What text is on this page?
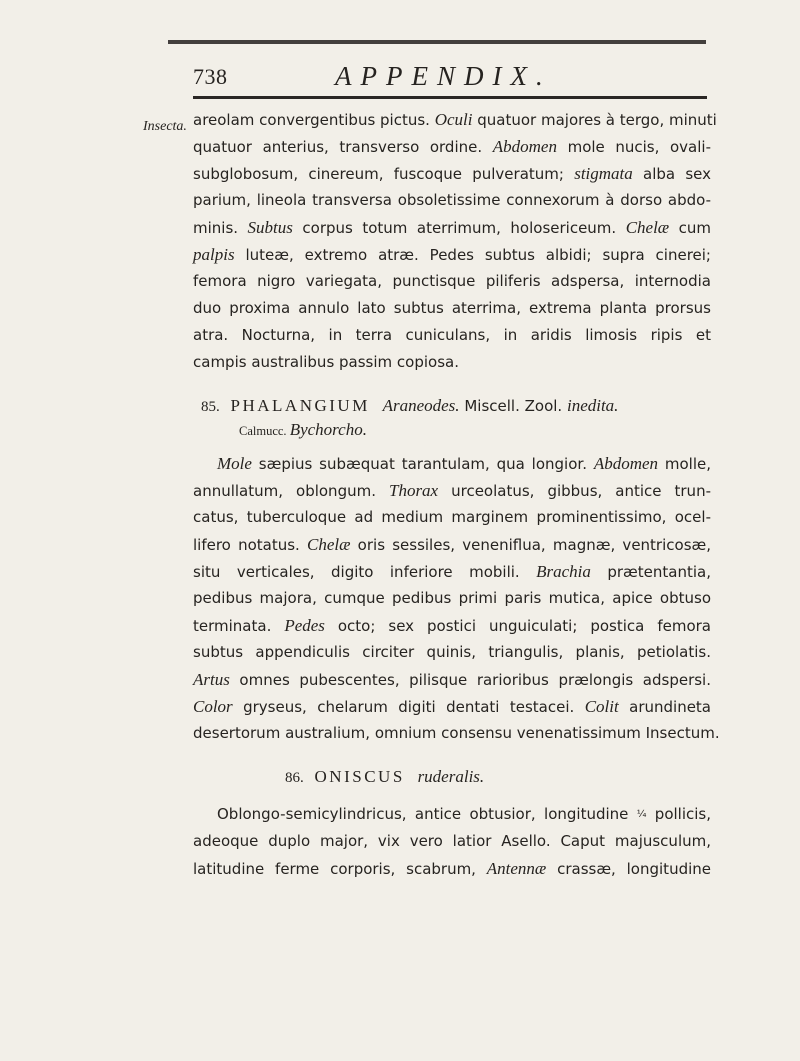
738	APPENDIX.
Insecta. areolam convergentibus pictus. Oculi quatuor majores à tergo, minuti
quatuor anterius, transverso ordine. Abdomen mole nucis, ovali-
subglobosum, cinereum, fuscoque pulveratum; stigmata alba sex
parium, lineola transversa obsoletissime connexorum à dorso abdo-
minis. Subtus corpus totum aterrimum, holosericeum. Chelæ cum
palpis luteæ, extremo atræ. Pedes subtus albidi; supra cinerei;
femora nigro variegata, punctisque piliferis adspersa, internodia
duo proxima annulo lato subtus aterrima, extrema planta prorsus
atra. Nocturna, in terra cuniculans, in aridis limosis ripis et
campis australibus passim copiosa.
85. PHALANGIUM Araneodes. Miscell. Zool. inedita.
Calmucc. Bychorcho.
Mole sæpius subæquat tarantulam, qua longior. Abdomen molle,
annullatum, oblongum. Thorax urceolatus, gibbus, antice trun-
catus, tuberculoque ad medium marginem prominentissimo, ocel-
lifero notatus. Chelæ oris sessiles, veneniflua, magnæ, ventricosæ,
situ verticales, digito inferiore mobili. Brachia prætentantia,
pedibus majora, cumque pedibus primi paris mutica, apice obtuso
terminata. Pedes octo; sex postici unguiculati; postica femora
subtus appendiculis circiter quinis, triangulis, planis, petiolatis.
Artus omnes pubescentes, pilisque rarioribus prælongis adspersi.
Color gryseus, chelarum digiti dentati testacei. Colit arundineta
desertorum australium, omnium consensu venenatissimum Insectum.
86. ONISCUS ruderalis.
Oblongo-semicylindricus, antice obtusior, longitudine ¼ pollicis,
adeoque duplo major, vix vero latior Asello. Caput majusculum,
latitudine ferme corporis, scabrum, Antennæ crassæ, longitudine
